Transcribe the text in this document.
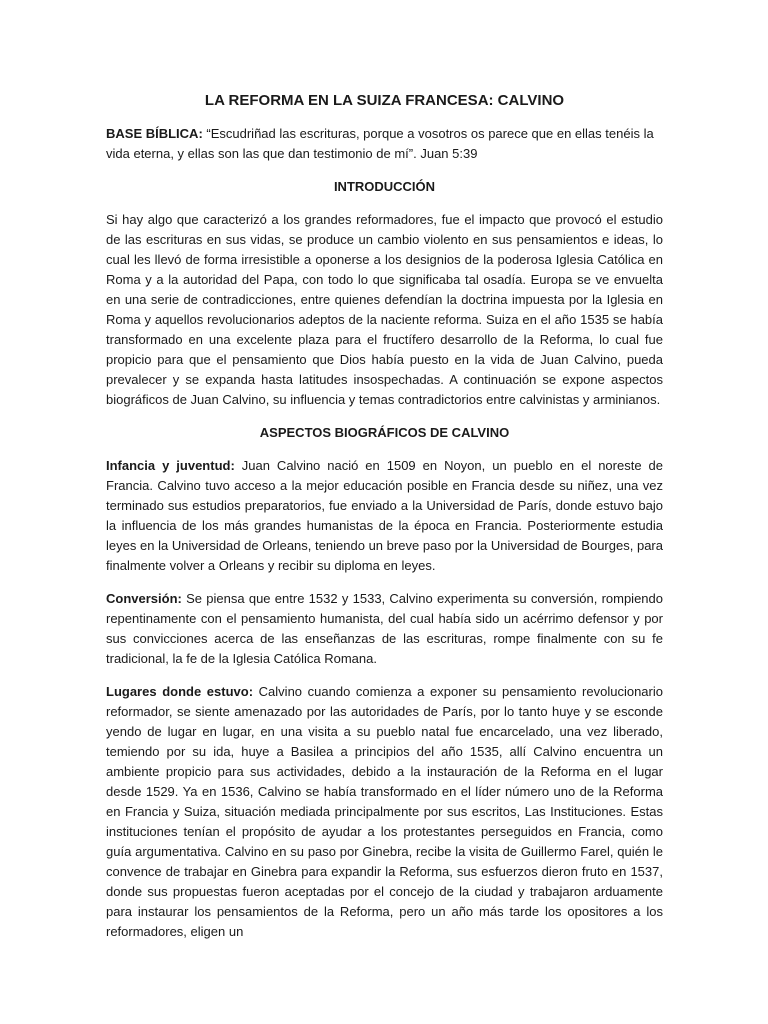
LA REFORMA EN LA SUIZA FRANCESA: CALVINO

BASE BÍBLICA: “Escudriñad las escrituras, porque a vosotros os parece que en ellas tenéis la vida eterna, y ellas son las que dan testimonio de mí”. Juan 5:39

INTRODUCCIÓN

Si hay algo que caracterizó a los grandes reformadores, fue el impacto que provocó el estudio de las escrituras en sus vidas, se produce un cambio violento en sus pensamientos e ideas, lo cual les llevó de forma irresistible a oponerse a los designios de la poderosa Iglesia Católica en Roma y a la autoridad del Papa, con todo lo que significaba tal osadía. Europa se ve envuelta en una serie de contradicciones, entre quienes defendían la doctrina impuesta por la Iglesia en Roma y aquellos revolucionarios adeptos de la naciente reforma. Suiza en el año 1535 se había transformado en una excelente plaza para el fructífero desarrollo de la Reforma, lo cual fue propicio para que el pensamiento que Dios había puesto en la vida de Juan Calvino, pueda prevalecer y se expanda hasta latitudes insospechadas. A continuación se expone aspectos biográficos de Juan Calvino, su influencia y temas contradictorios entre calvinistas y arminianos.

ASPECTOS BIOGRÁFICOS DE CALVINO

Infancia y juventud: Juan Calvino nació en 1509 en Noyon, un pueblo en el noreste de Francia. Calvino tuvo acceso a la mejor educación posible en Francia desde su niñez, una vez terminado sus estudios preparatorios, fue enviado a la Universidad de París, donde estuvo bajo la influencia de los más grandes humanistas de la época en Francia. Posteriormente estudia leyes en la Universidad de Orleans, teniendo un breve paso por la Universidad de Bourges, para finalmente volver a Orleans y recibir su diploma en leyes.

Conversión: Se piensa que entre 1532 y 1533, Calvino experimenta su conversión, rompiendo repentinamente con el pensamiento humanista, del cual había sido un acérrimo defensor y por sus convicciones acerca de las enseñanzas de las escrituras, rompe finalmente con su fe tradicional, la fe de la Iglesia Católica Romana.

Lugares donde estuvo: Calvino cuando comienza a exponer su pensamiento revolucionario reformador, se siente amenazado por las autoridades de París, por lo tanto huye y se esconde yendo de lugar en lugar, en una visita a su pueblo natal fue encarcelado, una vez liberado, temiendo por su ida, huye a Basilea a principios del año 1535, allí Calvino encuentra un ambiente propicio para sus actividades, debido a la instauración de la Reforma en el lugar desde 1529. Ya en 1536, Calvino se había transformado en el líder número uno de la Reforma en Francia y Suiza, situación mediada principalmente por sus escritos, Las Instituciones. Estas instituciones tenían el propósito de ayudar a los protestantes perseguidos en Francia, como guía argumentativa. Calvino en su paso por Ginebra, recibe la visita de Guillermo Farel, quién le convence de trabajar en Ginebra para expandir la Reforma, sus esfuerzos dieron fruto en 1537, donde sus propuestas fueron aceptadas por el concejo de la ciudad y trabajaron arduamente para instaurar los pensamientos de la Reforma, pero un año más tarde los opositores a los reformadores, eligen un
